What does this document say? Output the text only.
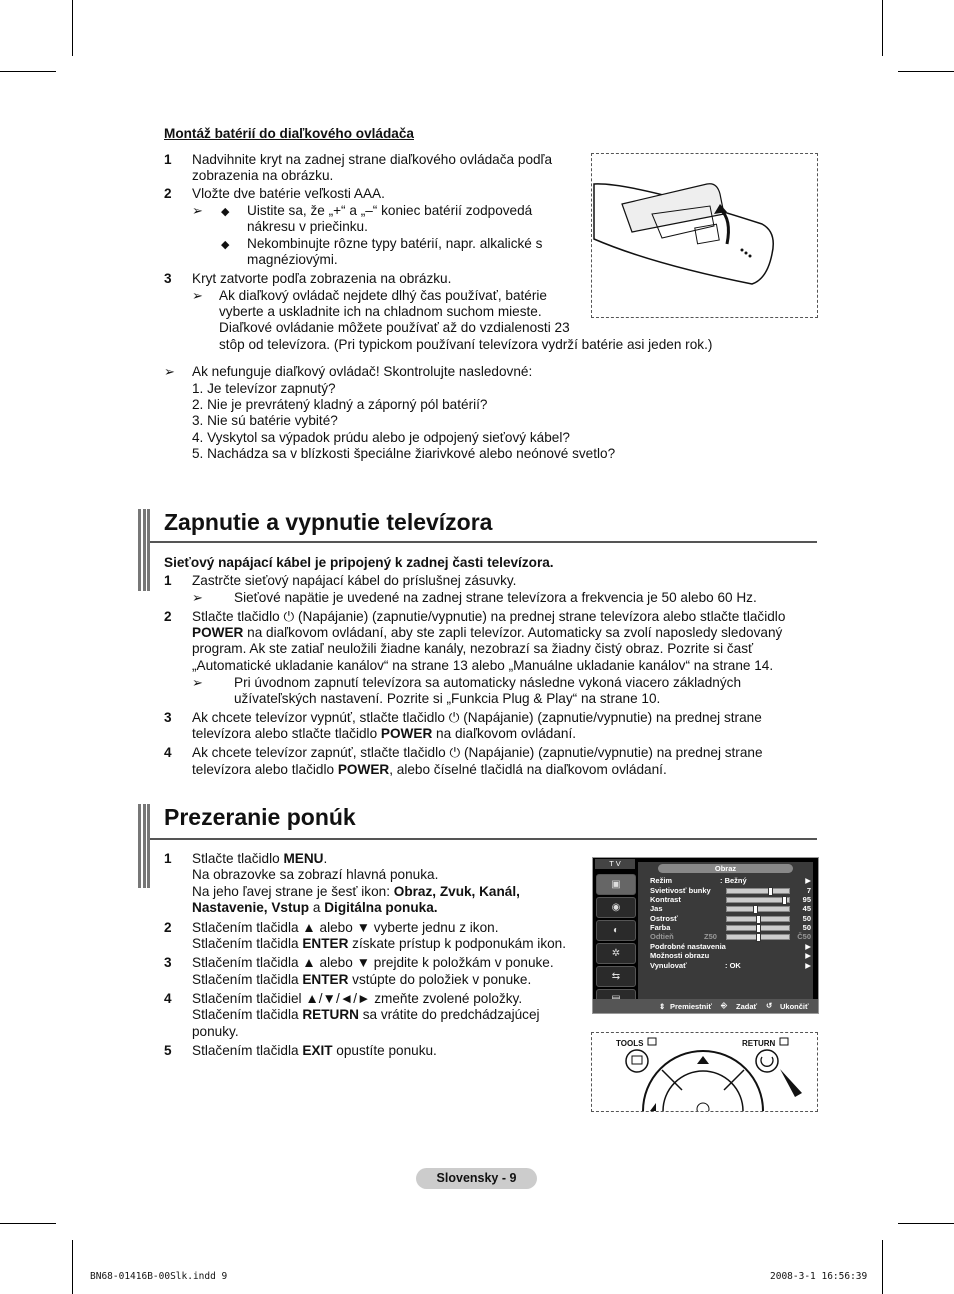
Montáž batérií do diaľkového ovládača
1 Nadvihnite kryt na zadnej strane diaľkového ovládača podľa
zobrazenia na obrázku.
2 Vložte dve batérie veľkosti AAA.
➢ ◆ Uistite sa, že „+“ a „–“ koniec batérií zodpovedá
nákresu v priečinku.
◆ Nekombinujte rôzne typy batérií, napr. alkalické s
magnéziovými.
3 Kryt zatvorte podľa zobrazenia na obrázku.
➢ Ak diaľkový ovládač nejdete dlhý čas používať, batérie
vyberte a uskladnite ich na chladnom suchom mieste.
Diaľkové ovládanie môžete používať až do vzdialenosti 23
stôp od televízora. (Pri typickom používaní televízora vydrží batérie asi jeden rok.)
➢ Ak nefunguje diaľkový ovládač! Skontrolujte nasledovné:
1. Je televízor zapnutý?
2. Nie je prevrátený kladný a záporný pól batérií?
3. Nie sú batérie vybité?
4. Vyskytol sa výpadok prúdu alebo je odpojený sieťový kábel?
5. Nachádza sa v blízkosti špeciálne žiarivkové alebo neónové svetlo?
Zapnutie a vypnutie televízora
Sieťový napájací kábel je pripojený k zadnej časti televízora.
1 Zastrčte sieťový napájací kábel do príslušnej zásuvky.
➢ Sieťové napätie je uvedené na zadnej strane televízora a frekvencia je 50 alebo 60 Hz.
2 Stlačte tlačidlo ⏻ (Napájanie) (zapnutie/vypnutie) na prednej strane televízora alebo stlačte tlačidlo
POWER na diaľkovom ovládaní, aby ste zapli televízor. Automaticky sa zvolí naposledy sledovaný
program. Ak ste zatiaľ neuložili žiadne kanály, nezobrazí sa žiadny čistý obraz. Pozrite si časť
„Automatické ukladanie kanálov“ na strane 13 alebo „Manuálne ukladanie kanálov“ na strane 14.
➢ Pri úvodnom zapnutí televízora sa automaticky následne vykoná viacero základných
užívateľských nastavení. Pozrite si „Funkcia Plug & Play“ na strane 10.
3 Ak chcete televízor vypnúť, stlačte tlačidlo ⏻ (Napájanie) (zapnutie/vypnutie) na prednej strane
televízora alebo stlačte tlačidlo POWER na diaľkovom ovládaní.
4 Ak chcete televízor zapnúť, stlačte tlačidlo ⏻ (Napájanie) (zapnutie/vypnutie) na prednej strane
televízora alebo tlačidlo POWER, alebo číselné tlačidlá na diaľkovom ovládaní.
Prezeranie ponúk
1 Stlačte tlačidlo MENU.
Na obrazovke sa zobrazí hlavná ponuka.
Na jeho ľavej strane je šesť ikon: Obraz, Zvuk, Kanál,
Nastavenie, Vstup a Digitálna ponuka.
2 Stlačením tlačidla ▲ alebo ▼ vyberte jednu z ikon.
Stlačením tlačidla ENTER získate prístup k podponukám ikon.
3 Stlačením tlačidla ▲ alebo ▼ prejdite k položkám v ponuke.
Stlačením tlačidla ENTER vstúpte do položiek v ponuke.
4 Stlačením tlačidiel ▲/▼/◄/► zmeňte zvolené položky.
Stlačením tlačidla RETURN sa vrátite do predchádzajúcej
ponuky.
5 Stlačením tlačidla EXIT opustíte ponuku.
T V
▣
◉
◐
✲
⇆
Obraz
Režim	: Bežný	▶
Svietivosť bunky	7
Kontrast	95
Jas	45
Ostrosť	50
Farba	50
Odtieň	Z50	Č50
Podrobné nastavenia	▶
Možnosti obrazu	▶
Vynulovať	: OK	▶
⇕ Premiestniť ⎆ Zadať ↺ Ukončiť
TOOLS	RETURN
Slovensky - 9
BN68-01416B-00Slk.indd 9	2008-3-1 16:56:39
